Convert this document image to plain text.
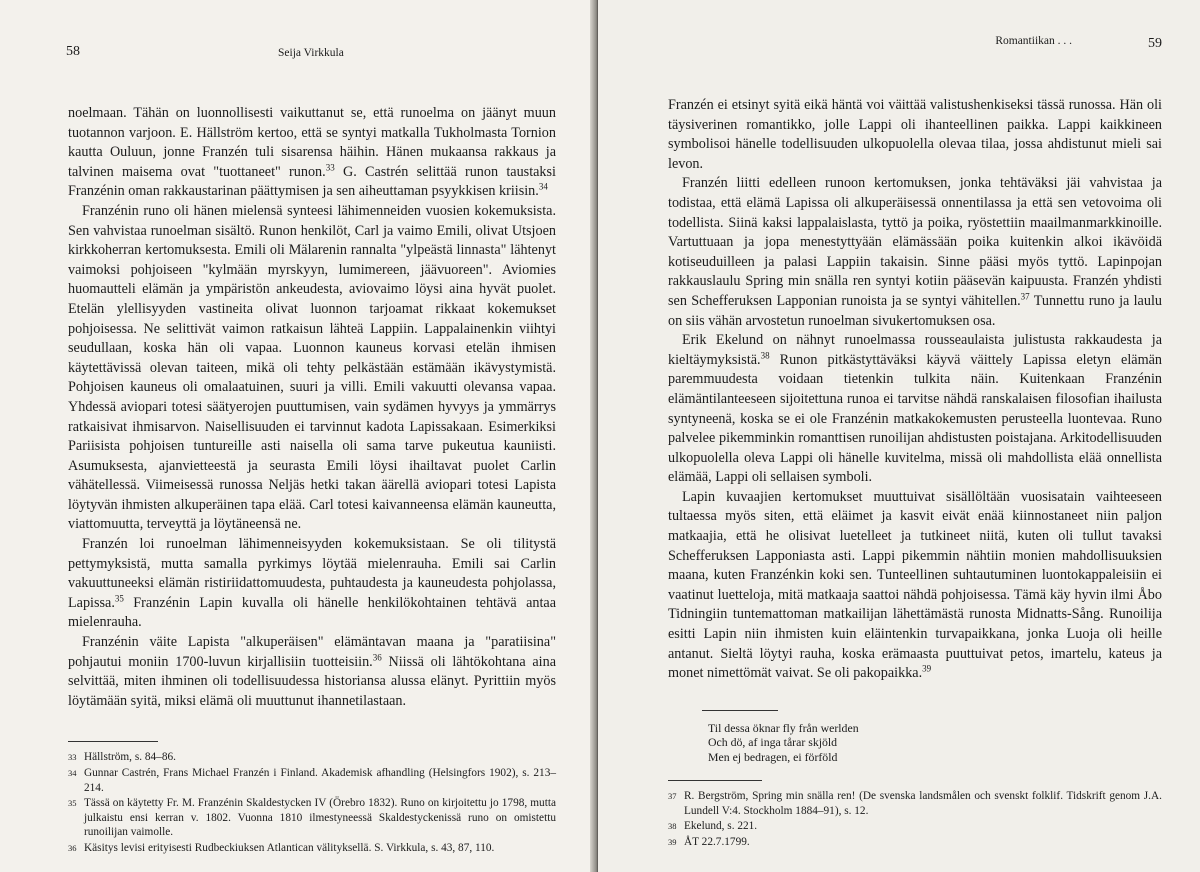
58	Seija Virkkula

noelmaan. Tähän on luonnollisesti vaikuttanut se, että runoelma on jäänyt muun tuotannon varjoon. E. Hällström kertoo, että se syntyi matkalla Tukholmasta Tornion kautta Ouluun, jonne Franzén tuli sisarensa häihin. Hänen mukaansa rakkaus ja talvinen maisema ovat "tuottaneet" runon.$^{33}$ G. Castrén selittää runon taustaksi Franzénin oman rakkaustarinan päättymisen ja sen aiheuttaman psyykkisen kriisin.$^{34}$

Franzénin runo oli hänen mielensä synteesi lähimenneiden vuosien kokemuksista. Sen vahvistaa runoelman sisältö. Runon henkilöt, Carl ja vaimo Emili, olivat Utsjoen kirkkoherran kertomuksesta. Emili oli Mälarenin rannalta "ylpeästä linnasta" lähtenyt vaimoksi pohjoiseen "kylmään myrskyyn, lumimereen, jäävuoreen". Aviomies huomautteli elämän ja ympäristön ankeudesta, aviovaimo löysi aina hyvät puolet. Etelän ylellisyyden vastineita olivat luonnon tarjoamat rikkaat kokemukset pohjoisessa. Ne selittivät vaimon ratkaisun lähteä Lappiin. Lappalainenkin viihtyi seudullaan, koska hän oli vapaa. Luonnon kauneus korvasi etelän ihmisen käytettävissä olevan taiteen, mikä oli tehty pelkästään estämään ikävystymistä. Pohjoisen kauneus oli omalaatuinen, suuri ja villi. Emili vakuutti olevansa vapaa. Yhdessä aviopari totesi säätyerojen puuttumisen, vain sydämen hyvyys ja ymmärrys ratkaisivat ihmisarvon. Naisellisuuden ei tarvinnut kadota Lapissakaan. Esimerkiksi Pariisista pohjoisen tuntureille asti naisella oli sama tarve pukeutua kauniisti. Asumuksesta, ajanvietteestä ja seurasta Emili löysi ihailtavat puolet Carlin vähätellessä. Viimeisessä runossa Neljäs hetki takan äärellä aviopari totesi Lapista löytyvän ihmisten alkuperäinen tapa elää. Carl totesi kaivanneensa elämän kauneutta, viattomuutta, terveyttä ja löytäneensä ne.

Franzén loi runoelman lähimenneisyyden kokemuksistaan. Se oli tilitystä pettymyksistä, mutta samalla pyrkimys löytää mielenrauha. Emili sai Carlin vakuuttuneeksi elämän ristiriidattomuudesta, puhtaudesta ja kauneudesta pohjolassa, Lapissa.$^{35}$ Franzénin Lapin kuvalla oli hänelle henkilökohtainen tehtävä antaa mielenrauha.

Franzénin väite Lapista "alkuperäisen" elämäntavan maana ja "paratiisina" pohjautui moniin 1700-luvun kirjallisiin tuotteisiin.$^{36}$ Niissä oli lähtökohtana aina selvittää, miten ihminen oli todellisuudessa historiansa alussa elänyt. Pyrittiin myös löytämään syitä, miksi elämä oli muuttunut ihannetilastaan.

33 Hällström, s. 84–86.
34 Gunnar Castrén, Frans Michael Franzén i Finland. Akademisk afhandling (Helsingfors 1902), s. 213–214.
35 Tässä on käytetty Fr. M. Franzénin Skaldestycken IV (Örebro 1832). Runo on kirjoitettu jo 1798, mutta julkaistu ensi kerran v. 1802. Vuonna 1810 ilmestyneessä Skaldestyckenissä runo on omistettu runoilijan vaimolle.
36 Käsitys levisi erityisesti Rudbeckiuksen Atlantican välityksellä. S. Virkkula, s. 43, 87, 110.
Romantiikan . . .	59

Franzén ei etsinyt syitä eikä häntä voi väittää valistushenkiseksi tässä runossa. Hän oli täysiverinen romantikko, jolle Lappi oli ihanteellinen paikka. Lappi kaikkineen symbolisoi hänelle todellisuuden ulkopuolella olevaa tilaa, jossa ahdistunut mieli sai levon.

Franzén liitti edelleen runoon kertomuksen, jonka tehtäväksi jäi vahvistaa ja todistaa, että elämä Lapissa oli alkuperäisessä onnentilassa ja että sen vetovoima oli todellista. Siinä kaksi lappalaislasta, tyttö ja poika, ryöstettiin maailmanmarkkinoille. Vartuttuaan ja jopa menestyttyään elämässään poika kuitenkin alkoi ikävöidä kotiseuduilleen ja palasi Lappiin takaisin. Sinne pääsi myös tyttö. Lapinpojan rakkauslaulu Spring min snälla ren syntyi kotiin pääsevän kaipuusta. Franzén yhdisti sen Schefferuksen Lapponian runoista ja se syntyi vähitellen.$^{37}$ Tunnettu runo ja laulu on siis vähän arvostetun runoelman sivukertomuksen osa.

Erik Ekelund on nähnyt runoelmassa rousseaulaista julistusta rakkaudesta ja kieltäymyksistä.$^{38}$ Runon pitkästyttäväksi käyvä väittely Lapissa eletyn elämän paremmuudesta voidaan tietenkin tulkita näin. Kuitenkaan Franzénin elämäntilanteeseen sijoitettuna runoa ei tarvitse nähdä ranskalaisen filosofian ihailusta syntyneenä, koska se ei ole Franzénin matkakokemusten perusteella luontevaa. Runo palvelee pikemminkin romanttisen runoilijan ahdistusten poistajana. Arkitodellisuuden ulkopuolella oleva Lappi oli hänelle kuvitelma, missä oli mahdollista elää onnellista elämää, Lappi oli sellaisen symboli.

Lapin kuvaajien kertomukset muuttuivat sisällöltään vuosisatain vaihteeseen tultaessa myös siten, että eläimet ja kasvit eivät enää kiinnostaneet niin paljon matkaajia, että he olisivat luetelleet ja tutkineet niitä, kuten oli tullut tavaksi Schefferuksen Lapponiasta asti. Lappi pikemmin nähtiin monien mahdollisuuksien maana, kuten Franzénkin koki sen. Tunteellinen suhtautuminen luontokappaleisiin ei vaatinut luetteloja, mitä matkaaja saattoi nähdä pohjoisessa. Tämä käy hyvin ilmi Åbo Tidningiin tuntemattoman matkailijan lähettämästä runosta Midnatts-Sång. Runoilija esitti Lapin niin ihmisten kuin eläintenkin turvapaikkana, jonka Luoja oli heille antanut. Sieltä löytyi rauha, koska erämaasta puuttuivat petos, imartelu, kateus ja monet nimettömät vaivat. Se oli pakopaikka.$^{39}$

Til dessa öknar fly från werlden
Och dö, af inga tårar skjöld
Men ej bedragen, ei förföld
37 R. Bergström, Spring min snälla ren! (De svenska landsmålen och svenskt folklif. Tidskrift genom J.A. Lundell V:4. Stockholm 1884–91), s. 12.
38 Ekelund, s. 221.
39 ÅT 22.7.1799.
